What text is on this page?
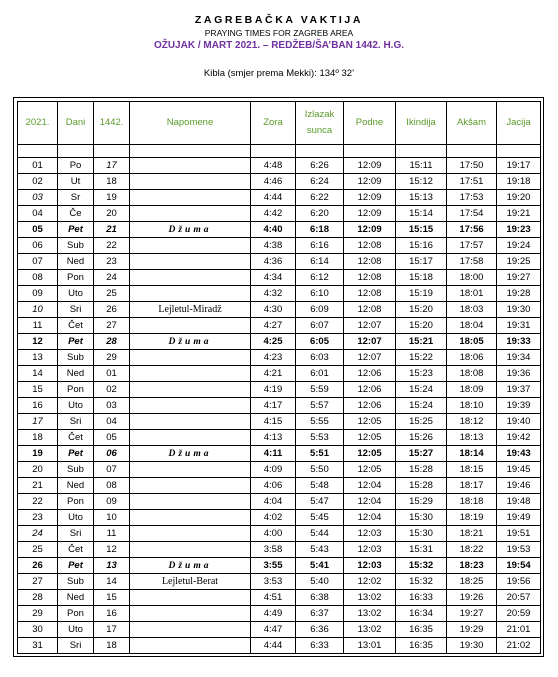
ZAGREBAČKA VAKTIJA
PRAYING TIMES FOR ZAGREB AREA
OŽUJAK / MART 2021. – REDŽEB/ŠA’BAN 1442. H.G.
Kibla (smjer prema Mekki): 134º 32’
2021.	Dani	1442.	Napomene	Zora	Izlazak sunca	Podne	Ikindija	Akšam	Jacija

01	Po	17		4:48	6:26	12:09	15:11	17:50	19:17
02	Ut	18		4:46	6:24	12:09	15:12	17:51	19:18
03	Sr	19		4:44	6:22	12:09	15:13	17:53	19:20
04	Če	20		4:42	6:20	12:09	15:14	17:54	19:21
05	Pet	21	Džuma	4:40	6:18	12:09	15:15	17:56	19:23
06	Sub	22		4:38	6:16	12:08	15:16	17:57	19:24
07	Ned	23		4:36	6:14	12:08	15:17	17:58	19:25
08	Pon	24		4:34	6:12	12:08	15:18	18:00	19:27
09	Uto	25		4:32	6:10	12:08	15:19	18:01	19:28
10	Sri	26	Lejletul-Miradž	4:30	6:09	12:08	15:20	18:03	19:30
11	Čet	27		4:27	6:07	12:07	15:20	18:04	19:31
12	Pet	28	Džuma	4:25	6:05	12:07	15:21	18:05	19:33
13	Sub	29		4:23	6:03	12:07	15:22	18:06	19:34
14	Ned	01		4:21	6:01	12:06	15:23	18:08	19:36
15	Pon	02		4:19	5:59	12:06	15:24	18:09	19:37
16	Uto	03		4:17	5:57	12:06	15:24	18:10	19:39
17	Sri	04		4:15	5:55	12:05	15:25	18:12	19:40
18	Čet	05		4:13	5:53	12:05	15:26	18:13	19:42
19	Pet	06	Džuma	4:11	5:51	12:05	15:27	18:14	19:43
20	Sub	07		4:09	5:50	12:05	15:28	18:15	19:45
21	Ned	08		4:06	5:48	12:04	15:28	18:17	19:46
22	Pon	09		4:04	5:47	12:04	15:29	18:18	19:48
23	Uto	10		4:02	5:45	12:04	15:30	18:19	19:49
24	Sri	11		4:00	5:44	12:03	15:30	18:21	19:51
25	Čet	12		3:58	5:43	12:03	15:31	18:22	19:53
26	Pet	13	Džuma	3:55	5:41	12:03	15:32	18:23	19:54
27	Sub	14	Lejletul-Berat	3:53	5:40	12:02	15:32	18:25	19:56
28	Ned	15		4:51	6:38	13:02	16:33	19:26	20:57
29	Pon	16		4:49	6:37	13:02	16:34	19:27	20:59
30	Uto	17		4:47	6:36	13:02	16:35	19:29	21:01
31	Sri	18		4:44	6:33	13:01	16:35	19:30	21:02
